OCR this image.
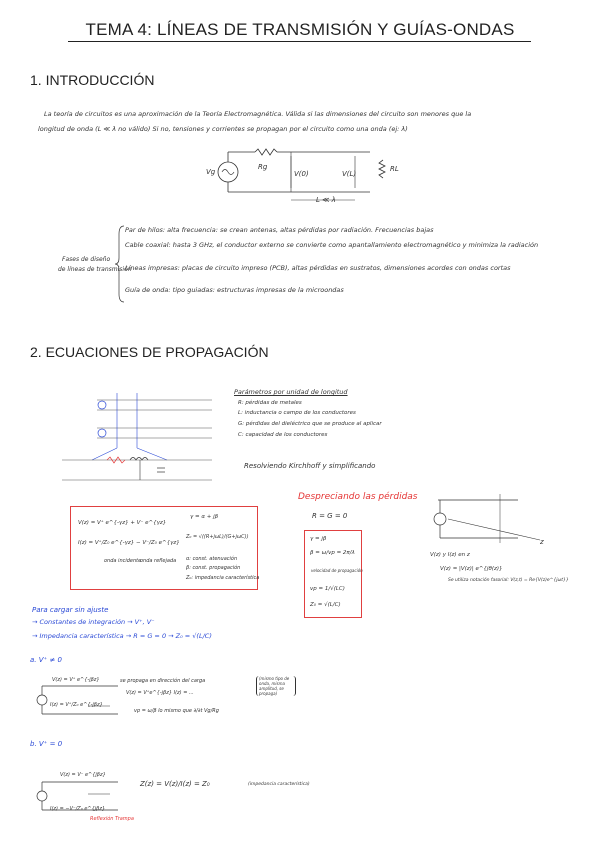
TEMA 4: LÍNEAS DE TRANSMISIÓN Y GUÍAS-ONDAS
1. INTRODUCCIÓN
La teoría de circuitos es una aproximación de la Teoría Electromagnética. Válida si las dimensiones del circuito son menores que la
longitud de onda (L ≪ λ no válido) Si no, tensiones y corrientes se propagan por el circuito como una onda (ej: λ)
Vg
Rg
V(0)	V(L)
RL
L ≪ λ
Fases de diseño
de líneas de transmisión
Par de hilos: alta frecuencia: se crean antenas, altas pérdidas por radiación. Frecuencias bajas
Cable coaxial: hasta 3 GHz, el conductor externo se convierte como apantallamiento electromagnético y minimiza la radiación
Líneas impresas: placas de circuito impreso (PCB), altas pérdidas en sustratos, dimensiones acordes con ondas cortas
Guía de onda: tipo guiadas: estructuras impresas de la microondas
2. ECUACIONES DE PROPAGACIÓN
Parámetros por unidad de longitud
R: pérdidas de metales
L: inductancia o campo de los conductores
G: pérdidas del dieléctrico que se produce al aplicar
C: capacidad de los conductores
Resolviendo Kirchhoff y simplificando
Despreciando las pérdidas
R = G = 0
V(z) = V⁺ e^{-γz} + V⁻ e^{γz}
I(z) = V⁺/Z₀ e^{-γz} − V⁻/Z₀ e^{γz}
onda incidente
onda reflejada
γ = α + jβ
Z₀ = √((R+jωL)/(G+jωC))
α: const. atenuación
β: const. propagación
Z₀: impedancia característica
γ = jβ
β = ω/vp = 2π/λ
velocidad de propagación
vp = 1/√(LC)
Z₀ = √(L/C)
z
V(z) y I(z) en z
V(z) = |V(z)| e^{jθ(z)}
Se utiliza notación fasorial: V(z,t) = Re{V(z)e^{jωt}}
Para cargar sin ajuste
→ Constantes de integración → V⁺, V⁻
→ Impedancia característica → R = G = 0 → Z₀ = √(L/C)
a. V⁺ ≠ 0
V(z) = V⁺ e^{-jβz}
I(z) = V⁺/Z₀ e^{-jβz}
se propaga en dirección del carga
V(z) = V⁺e^{-jβz} I(z) = ...
vp = ω/β lo mismo que ∂/∂t Vg/Rg
(mismo tipo de onda, misma amplitud, se propaga)
b. V⁺ = 0
V(z) = V⁻ e^{jβz}
I(z) = −V⁻/Z₀ e^{jβz}
Z(z) = V(z)/I(z) = Z₀	(impedancia característica)
Reflexión Trampa
